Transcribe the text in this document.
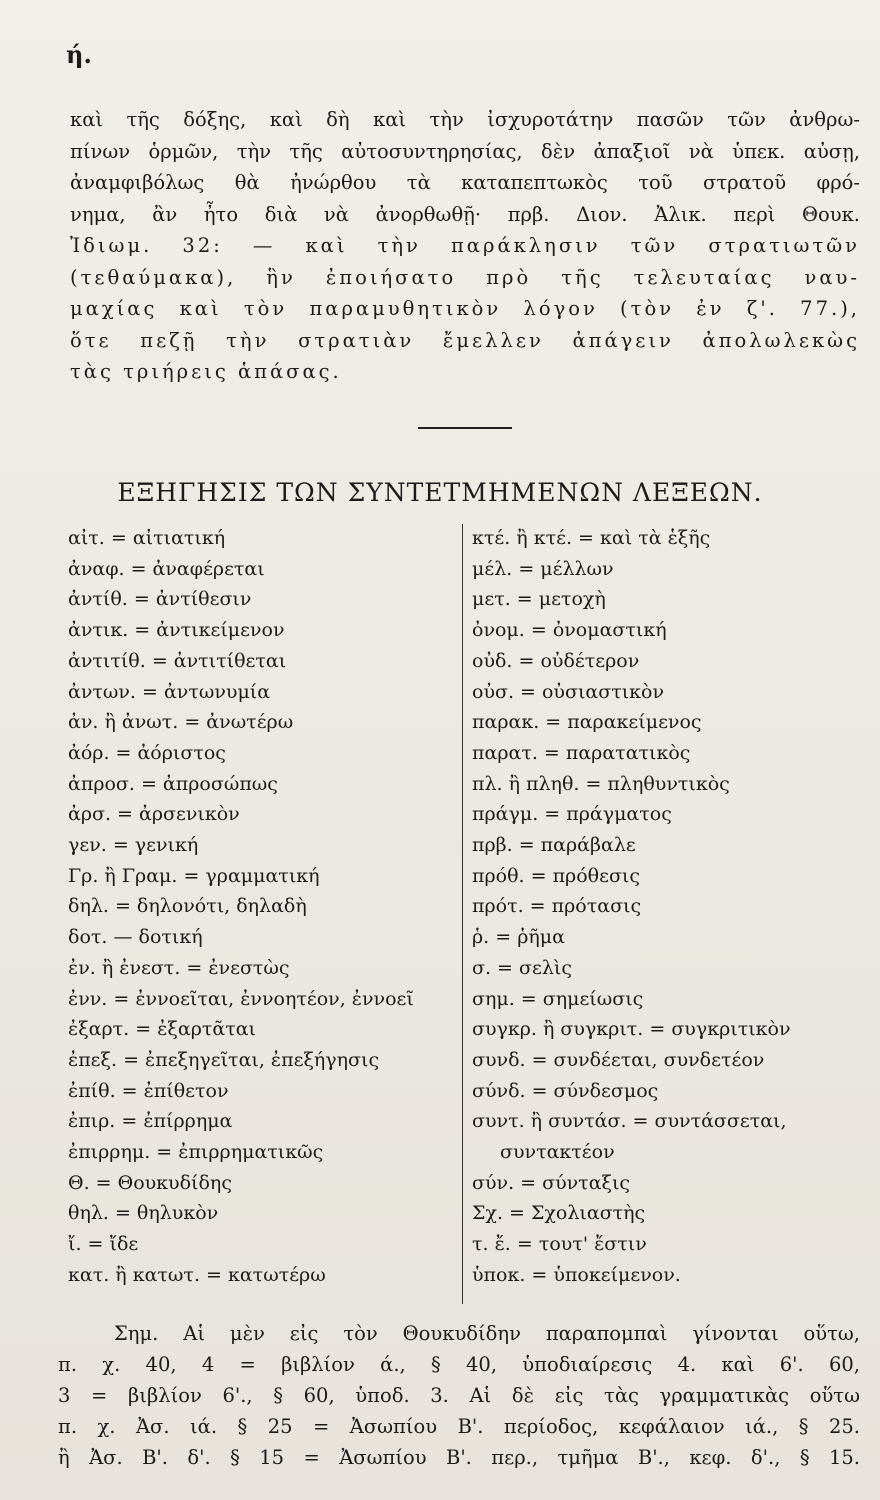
ή.
καὶ τῆς δόξης, καὶ δὴ καὶ τὴν ἰσχυροτάτην πασῶν τῶν ἀνθρω-
πίνων ὁρμῶν, τὴν τῆς αὐτοσυντηρησίας, δὲν ἀπαξιοῖ νὰ ὑπεκ. αὐσῃ,
ἀναμφιβόλως θὰ ἠνώρθου τὰ καταπεπτωκὸς τοῦ στρατοῦ φρό-
νημα, ἂν ἦτο διὰ νὰ ἀνορθωθῇ· πρβ. Διον. Ἀλικ. περὶ Θουκ.
Ἰδιωμ. 32: — καὶ τὴν παράκλησιν τῶν στρατιωτῶν
(τεθαύμακα), ἣν ἐποιήσατο πρὸ τῆς τελευταίας ναυ-
μαχίας καὶ τὸν παραμυθητικὸν λόγον (τὸν ἐν ζ'. 77.),
ὅτε πεζῇ τὴν στρατιὰν ἔμελλεν ἀπάγειν ἀπολωλεκὼς
τὰς τριήρεις ἁπάσας.
ΕΞΗΓΗΣΙΣ ΤΩΝ ΣΥΝΤΕΤΜΗΜΕΝΩΝ ΛΕΞΕΩΝ.
αἰτ. = αἰτιατική
ἀναφ. = ἀναφέρεται
ἀντίθ. = ἀντίθεσιν
ἀντικ. = ἀντικείμενον
ἀντιτίθ. = ἀντιτίθεται
ἀντων. = ἀντωνυμία
ἀν. ἢ ἀνωτ. = ἀνωτέρω
ἀόρ. = ἀόριστος
ἀπροσ. = ἀπροσώπως
ἀρσ. = ἀρσενικὸν
γεν. = γενική
Γρ. ἢ Γραμ. = γραμματική
δηλ. = δηλονότι, δηλαδὴ
δοτ. — δοτική
ἐν. ἢ ἐνεστ. = ἐνεστὼς
ἐνν. = ἐννοεῖται, ἐννοητέον, ἐννοεῖ
ἐξαρτ. = ἐξαρτᾶται
ἐπεξ. = ἐπεξηγεῖται, ἐπεξήγησις
ἐπίθ. = ἐπίθετον
ἐπιρ. = ἐπίρρημα
ἐπιρρημ. = ἐπιρρηματικῶς
Θ. = Θουκυδίδης
θηλ. = θηλυκὸν
ἴ. = ἴδε
κατ. ἢ κατωτ. = κατωτέρω
κτέ. ἢ κτέ. = καὶ τὰ ἑξῆς
μέλ. = μέλλων
μετ. = μετοχὴ
ὀνομ. = ὀνομαστική
οὐδ. = οὐδέτερον
οὐσ. = οὐσιαστικὸν
παρακ. = παρακείμενος
παρατ. = παρατατικὸς
πλ. ἢ πληθ. = πληθυντικὸς
πράγμ. = πράγματος
πρβ. = παράβαλε
πρόθ. = πρόθεσις
πρότ. = πρότασις
ῥ. = ῥῆμα
σ. = σελὶς
σημ. = σημείωσις
συγκρ. ἢ συγκριτ. = συγκριτικὸν
συνδ. = συνδέεται, συνδετέον
σύνδ. = σύνδεσμος
συντ. ἢ συντάσ. = συντάσσεται,
συντακτέον
σύν. = σύνταξις
Σχ. = Σχολιαστὴς
τ. ἔ. = τουτ' ἔστιν
ὑποκ. = ὑποκείμενον.
Σημ. Αἱ μὲν εἰς τὸν Θουκυδίδην παραπομπαὶ γίνονται οὕτω,
π. χ. 40, 4 = βιβλίον ά., § 40, ὑποδιαίρεσις 4. καὶ 6'. 60,
3 = βιβλίον 6'., § 60, ὑποδ. 3. Αἱ δὲ εἰς τὰς γραμματικὰς οὕτω
π. χ. Ἀσ. ιά. § 25 = Ἀσωπίου Β'. περίοδος, κεφάλαιον ιά., § 25.
ἢ Ἀσ. Β'. δ'. § 15 = Ἀσωπίου Β'. περ., τμῆμα Β'., κεφ. δ'., § 15.
